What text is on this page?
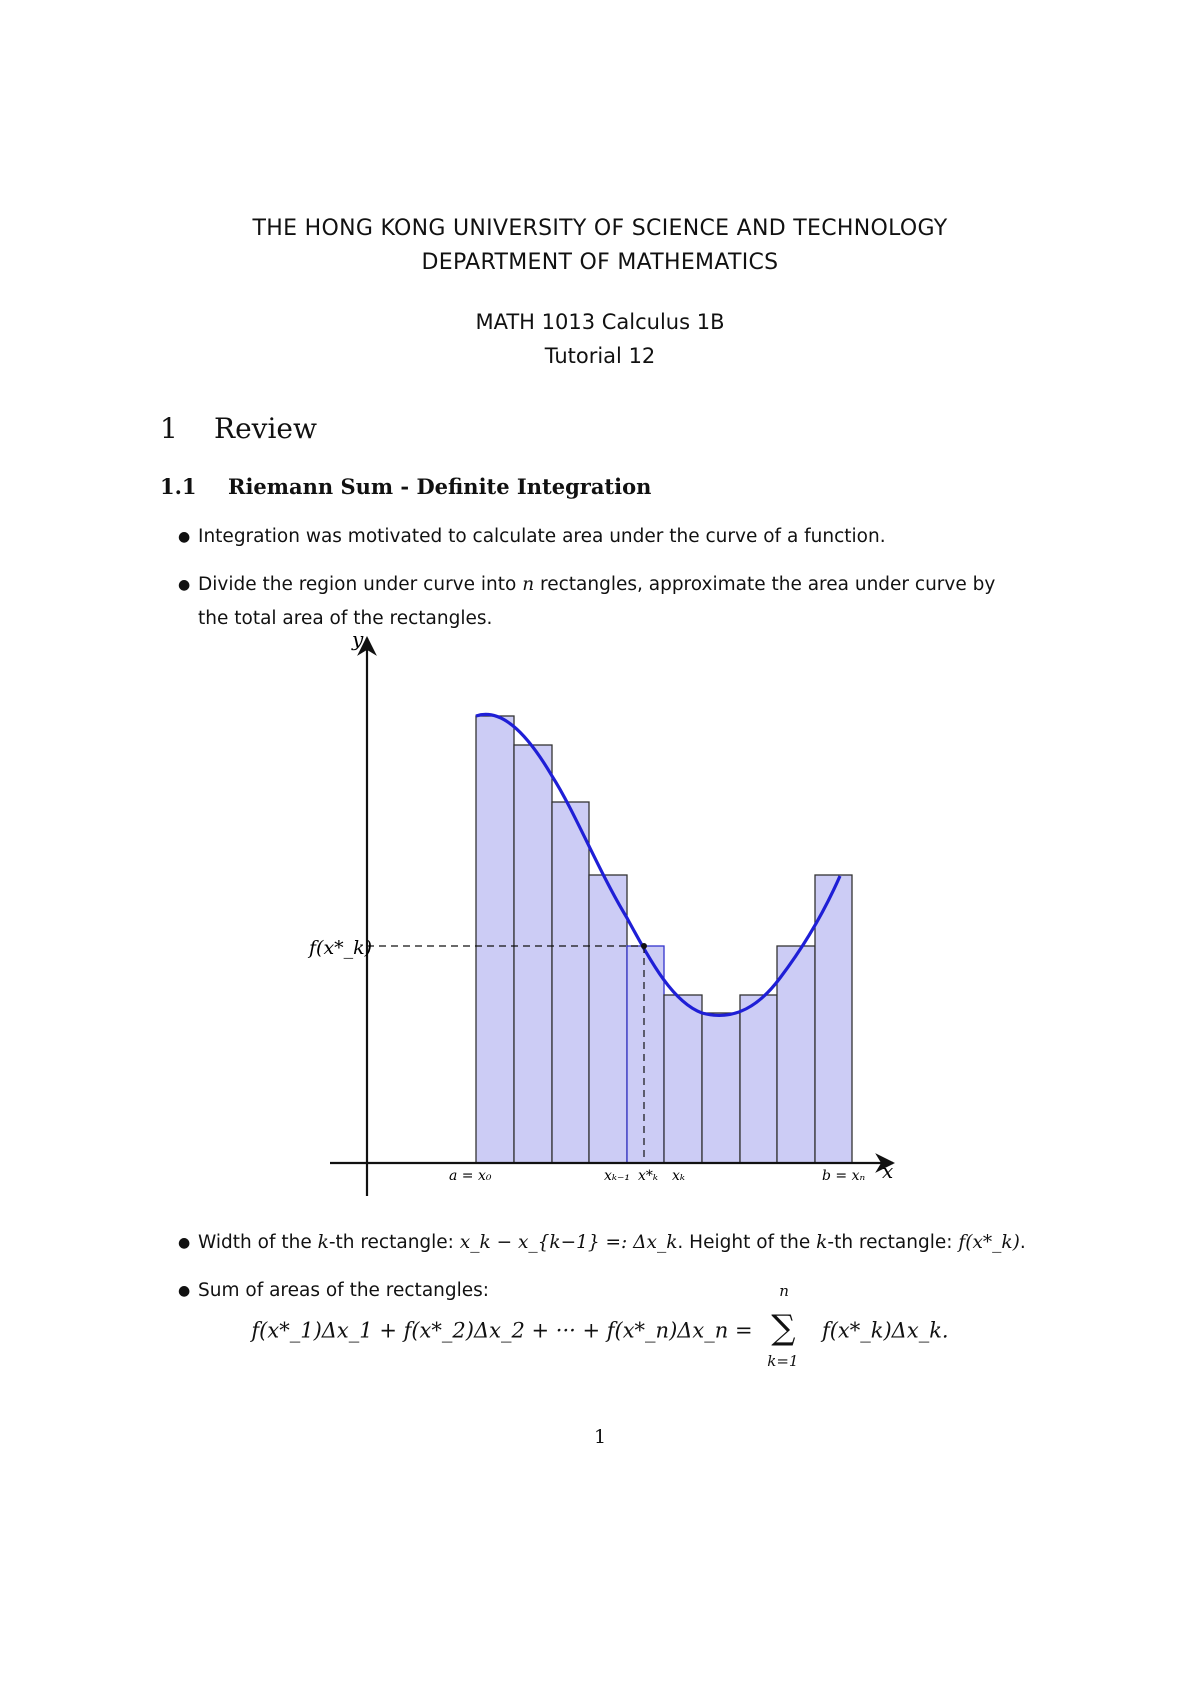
THE HONG KONG UNIVERSITY OF SCIENCE AND TECHNOLOGY
DEPARTMENT OF MATHEMATICS
MATH 1013 Calculus 1B
Tutorial 12
1 Review
1.1 Riemann Sum - Definite Integration
● Integration was motivated to calculate area under the curve of a function.
● Divide the region under curve into n rectangles, approximate the area under curve by
the total area of the rectangles.
y
x
f(x*_k)
a = x₀	xₖ₋₁ x*ₖ xₖ	b = xₙ
● Width of the k-th rectangle: x_k − x_{k−1} =: Δx_k. Height of the k-th rectangle: f(x*_k).
● Sum of areas of the rectangles:
f(x*_1)Δx_1 + f(x*_2)Δx_2 + ··· + f(x*_n)Δx_n =
n
∑
k=1
f(x*_k)Δx_k.
1
